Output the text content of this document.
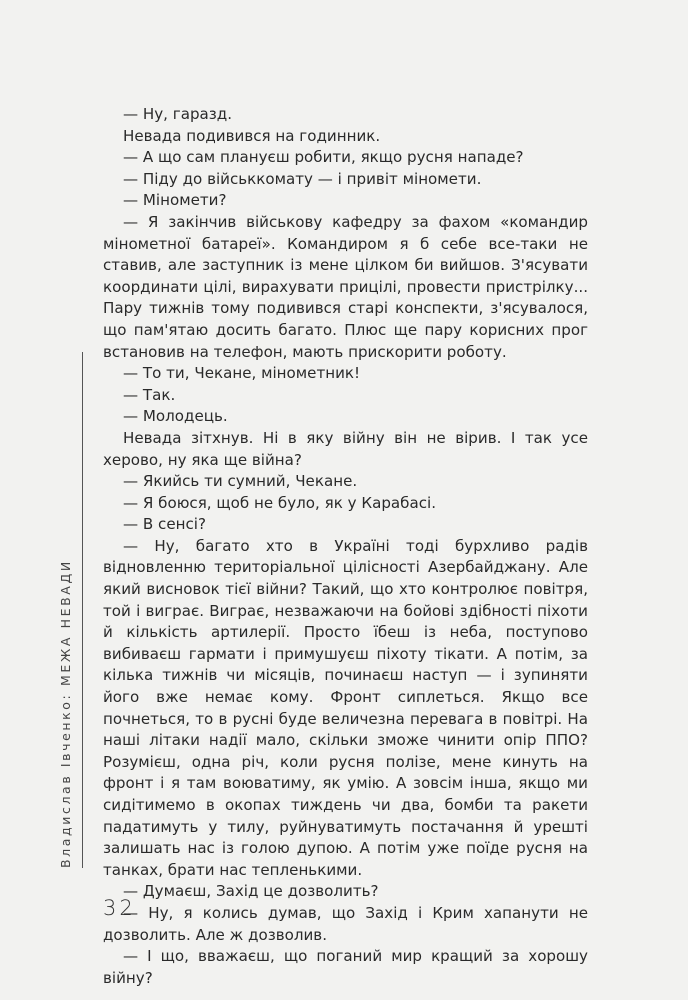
Владислав Івченко: МЕЖА НЕВАДИ

— Ну, гаразд.

Невада подивився на годинник.

— А що сам плануєш робити, якщо русня нападе?

— Піду до військкомату — і привіт міномети.

— Міномети?

— Я закінчив військову кафедру за фахом «командир мінометної батареї». Командиром я б себе все-таки не ставив, але заступник із мене цілком би вийшов. З'ясувати координати цілі, вирахувати прицілі, провести пристрілку... Пару тижнів тому подивився старі конспекти, з'ясувалося, що пам'ятаю досить багато. Плюс ще пару корисних прог встановив на телефон, мають прискорити роботу.

— То ти, Чекане, мінометник!

— Так.

— Молодець.

Невада зітхнув. Ні в яку війну він не вірив. І так усе херово, ну яка ще війна?

— Якийсь ти сумний, Чекане.

— Я боюся, щоб не було, як у Карабасі.

— В сенсі?

— Ну, багато хто в Україні тоді бурхливо радів відновленню територіальної цілісності Азербайджану. Але який висновок тієї війни? Такий, що хто контролює повітря, той і виграє. Виграє, незважаючи на бойові здібності піхоти й кількість артилерії. Просто їбеш із неба, поступово вибиваєш гармати і примушуєш піхоту тікати. А потім, за кілька тижнів чи місяців, починаєш наступ — і зупиняти його вже немає кому. Фронт сиплеться. Якщо все почнеться, то в русні буде величезна перевага в повітрі. На наші літаки надії мало, скільки зможе чинити опір ППО? Розумієш, одна річ, коли русня полізе, мене кинуть на фронт і я там воюватиму, як умію. А зовсім інша, якщо ми сидітимемо в окопах тиждень чи два, бомби та ракети падатимуть у тилу, руйнуватимуть постачання й урешті залишать нас із голою дупою. А потім уже поїде русня на танках, брати нас тепленькими.

— Думаєш, Захід це дозволить?

— Ну, я колись думав, що Захід і Крим хапанути не дозволить. Але ж дозволив.

— І що, вважаєш, що поганий мир кращий за хорошу війну?

32
